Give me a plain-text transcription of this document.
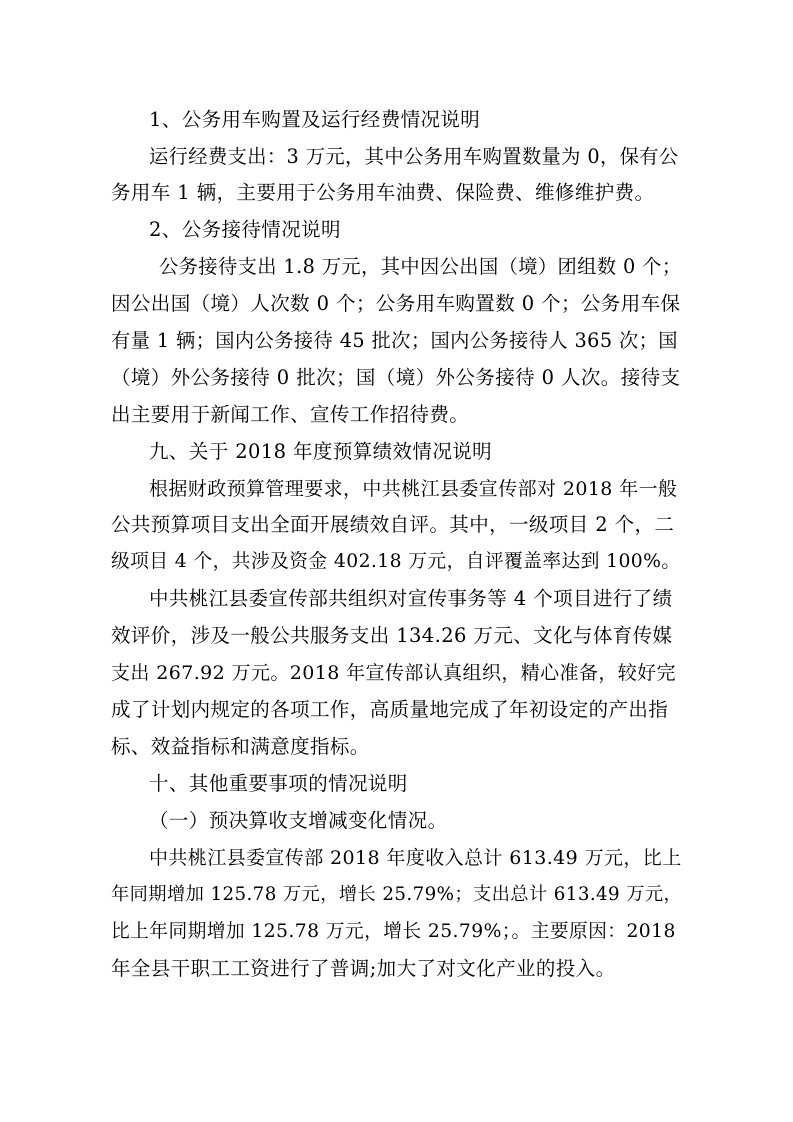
1、公务用车购置及运行经费情况说明
运行经费支出：3 万元，其中公务用车购置数量为 0，保有公
务用车 1 辆，主要用于公务用车油费、保险费、维修维护费。
2、公务接待情况说明
公务接待支出 1.8 万元，其中因公出国（境）团组数 0 个；
因公出国（境）人次数 0 个；公务用车购置数 0 个；公务用车保
有量 1 辆；国内公务接待 45 批次；国内公务接待人 365 次；国
（境）外公务接待 0 批次；国（境）外公务接待 0 人次。接待支
出主要用于新闻工作、宣传工作招待费。
九、关于 2018 年度预算绩效情况说明
根据财政预算管理要求，中共桃江县委宣传部对 2018 年一般
公共预算项目支出全面开展绩效自评。其中，一级项目 2 个，二
级项目 4 个，共涉及资金 402.18 万元，自评覆盖率达到 100%。
中共桃江县委宣传部共组织对宣传事务等 4 个项目进行了绩
效评价，涉及一般公共服务支出 134.26 万元、文化与体育传媒
支出 267.92 万元。2018 年宣传部认真组织，精心准备，较好完
成了计划内规定的各项工作，高质量地完成了年初设定的产出指
标、效益指标和满意度指标。
十、其他重要事项的情况说明
（一）预决算收支增减变化情况。
中共桃江县委宣传部 2018 年度收入总计 613.49 万元，比上
年同期增加 125.78 万元，增长 25.79%；支出总计 613.49 万元，
比上年同期增加 125.78 万元，增长 25.79%；。主要原因：2018
年全县干职工工资进行了普调;加大了对文化产业的投入。
